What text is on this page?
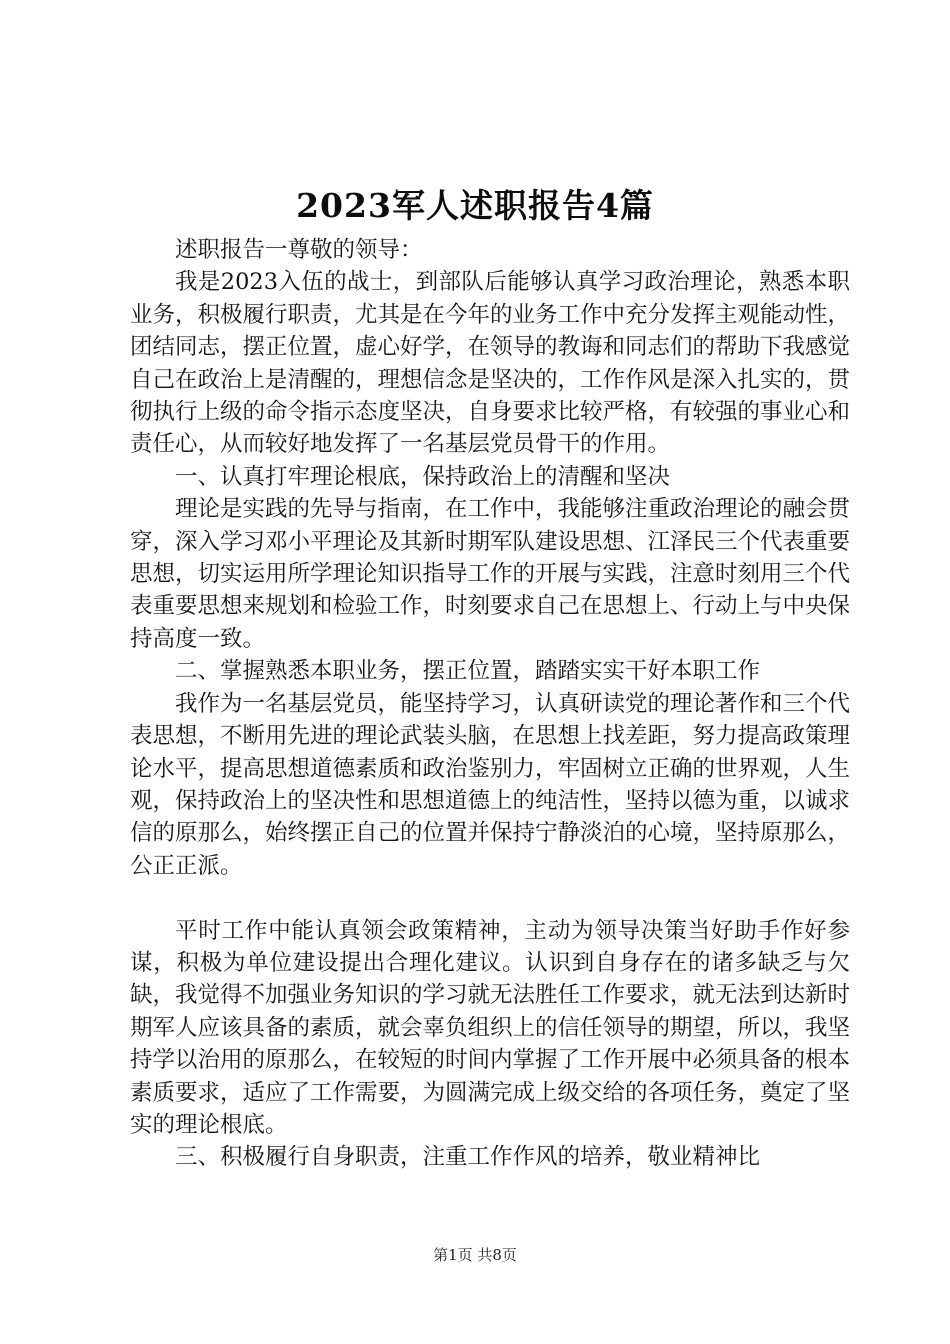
2023军人述职报告4篇

述职报告一尊敬的领导：

我是2023入伍的战士，到部队后能够认真学习政治理论，熟悉本职业务，积极履行职责，尤其是在今年的业务工作中充分发挥主观能动性，团结同志，摆正位置，虚心好学，在领导的教诲和同志们的帮助下我感觉自己在政治上是清醒的，理想信念是坚决的，工作作风是深入扎实的，贯彻执行上级的命令指示态度坚决，自身要求比较严格，有较强的事业心和责任心，从而较好地发挥了一名基层党员骨干的作用。

一、认真打牢理论根底，保持政治上的清醒和坚决

理论是实践的先导与指南，在工作中，我能够注重政治理论的融会贯穿，深入学习邓小平理论及其新时期军队建设思想、江泽民三个代表重要思想，切实运用所学理论知识指导工作的开展与实践，注意时刻用三个代表重要思想来规划和检验工作，时刻要求自己在思想上、行动上与中央保持高度一致。

二、掌握熟悉本职业务，摆正位置，踏踏实实干好本职工作

我作为一名基层党员，能坚持学习，认真研读党的理论著作和三个代表思想，不断用先进的理论武装头脑，在思想上找差距，努力提高政策理论水平，提高思想道德素质和政治鉴别力，牢固树立正确的世界观，人生观，保持政治上的坚决性和思想道德上的纯洁性，坚持以德为重，以诚求信的原那么，始终摆正自己的位置并保持宁静淡泊的心境，坚持原那么，公正正派。

平时工作中能认真领会政策精神，主动为领导决策当好助手作好参谋，积极为单位建设提出合理化建议。认识到自身存在的诸多缺乏与欠缺，我觉得不加强业务知识的学习就无法胜任工作要求，就无法到达新时期军人应该具备的素质，就会辜负组织上的信任领导的期望，所以，我坚持学以治用的原那么，在较短的时间内掌握了工作开展中必须具备的根本素质要求，适应了工作需要，为圆满完成上级交给的各项任务，奠定了坚实的理论根底。

三、积极履行自身职责，注重工作作风的培养，敬业精神比

第1页 共8页
